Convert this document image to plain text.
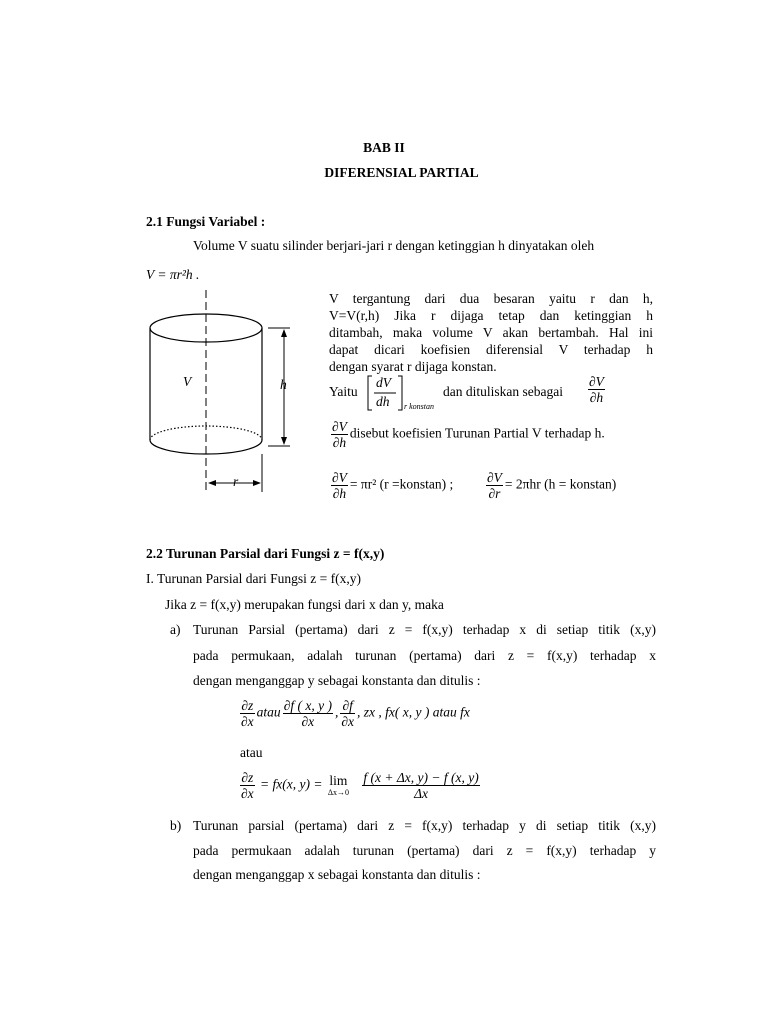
BAB II
DIFERENSIAL PARTIAL
2.1 Fungsi Variabel :
Volume V suatu silinder berjari-jari r dengan ketinggian h dinyatakan oleh
V = πr²h .
V	h
r
V tergantung dari dua besaran yaitu r dan h,
V=V(r,h) Jika r dijaga tetap dan ketinggian h
ditambah, maka volume V akan bertambah. Hal ini
dapat dicari koefisien diferensial V terhadap h
dengan syarat r dijaga konstan.
Yaitu
dV
dh r konstan
dan dituliskan sebagai $\frac{\partial V}{\partial h}$
$\frac{\partial V}{\partial h}$ disebut koefisien Turunan Partial V terhadap h.
$\frac{\partial V}{\partial h} = \pi r^2$ (r =konstan) ; $\frac{\partial V}{\partial r} = 2\pi hr$ (h = konstan)
2.2 Turunan Parsial dari Fungsi z = f(x,y)
I. Turunan Parsial dari Fungsi z = f(x,y)
Jika z = f(x,y) merupakan fungsi dari x dan y, maka
a) Turunan Parsial (pertama) dari z = f(x,y) terhadap x di setiap titik (x,y)
pada permukaan, adalah turunan (pertama) dari z = f(x,y) terhadap x
dengan menganggap y sebagai konstanta dan ditulis :
$\frac{\partial z}{\partial x}$ atau $\frac{\partial f ( x, y )}{\partial x}$ , $\frac{\partial f}{\partial x}$ , zx , fx( x, y ) atau fx
atau
$\frac{\partial z}{\partial x} = fx(x$, y) = lim
Δx→0
$\frac{f (x + \Delta x, y) - f (x, y)}{\Delta x}$
b) Turunan parsial (pertama) dari z = f(x,y) terhadap y di setiap titik (x,y)
pada permukaan adalah turunan (pertama) dari z = f(x,y) terhadap y
dengan menganggap x sebagai konstanta dan ditulis :
